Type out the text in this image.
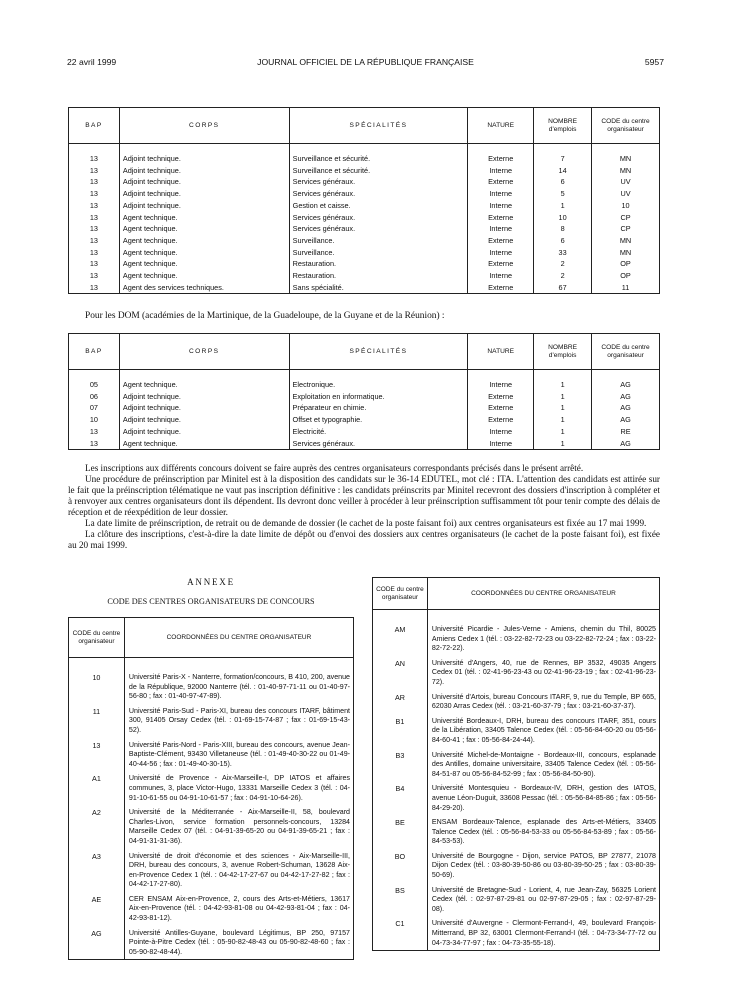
22 avril 1999	JOURNAL OFFICIEL DE LA RÉPUBLIQUE FRANÇAISE	5957
BAP	CORPS	SPÉCIALITÉS	NATURE	NOMBRE d'emplois	CODE du centre organisateur

13	Adjoint technique.	Surveillance et sécurité.	Externe	7	MN
13	Adjoint technique.	Surveillance et sécurité.	Interne	14	MN
13	Adjoint technique.	Services généraux.	Externe	6	UV
13	Adjoint technique.	Services généraux.	Interne	5	UV
13	Adjoint technique.	Gestion et caisse.	Interne	1	10
13	Agent technique.	Services généraux.	Externe	10	CP
13	Agent technique.	Services généraux.	Interne	8	CP
13	Agent technique.	Surveillance.	Externe	6	MN
13	Agent technique.	Surveillance.	Interne	33	MN
13	Agent technique.	Restauration.	Externe	2	OP
13	Agent technique.	Restauration.	Interne	2	OP
13	Agent des services techniques.	Sans spécialité.	Externe	67	11
Pour les DOM (académies de la Martinique, de la Guadeloupe, de la Guyane et de la Réunion) :
BAP	CORPS	SPÉCIALITÉS	NATURE	NOMBRE d'emplois	CODE du centre organisateur

05	Agent technique.	Electronique.	Interne	1	AG
06	Adjoint technique.	Exploitation en informatique.	Externe	1	AG
07	Adjoint technique.	Préparateur en chimie.	Externe	1	AG
10	Adjoint technique.	Offset et typographie.	Externe	1	AG
13	Adjoint technique.	Electricité.	Interne	1	RE
13	Agent technique.	Services généraux.	Interne	1	AG

Les inscriptions aux différents concours doivent se faire auprès des centres organisateurs correspondants précisés dans le présent arrêté.

Une procédure de préinscription par Minitel est à la disposition des candidats sur le 36-14 EDUTEL, mot clé : ITA. L'attention des candidats est attirée sur le fait que la préinscription télématique ne vaut pas inscription définitive : les candidats préinscrits par Minitel recevront des dossiers d'inscription à compléter et à renvoyer aux centres organisateurs dont ils dépendent. Ils devront donc veiller à procéder à leur préinscription suffisamment tôt pour tenir compte des délais de réception et de réexpédition de leur dossier.

La date limite de préinscription, de retrait ou de demande de dossier (le cachet de la poste faisant foi) aux centres organisateurs est fixée au 17 mai 1999.

La clôture des inscriptions, c'est-à-dire la date limite de dépôt ou d'envoi des dossiers aux centres organisateurs (le cachet de la poste faisant foi), est fixée au 20 mai 1999.

ANNEXE
CODE DES CENTRES ORGANISATEURS DE CONCOURS
CODE du centre organisateur	COORDONNÉES DU CENTRE ORGANISATEUR

10	Université Paris-X - Nanterre, formation/concours, B 410, 200, avenue de la République, 92000 Nanterre (tél. : 01-40-97-71-11 ou 01-40-97-56-80 ; fax : 01-40-97-47-89).
11	Université Paris-Sud - Paris-XI, bureau des concours ITARF, bâtiment 300, 91405 Orsay Cedex (tél. : 01-69-15-74-87 ; fax : 01-69-15-43-52).
13	Université Paris-Nord - Paris-XIII, bureau des concours, avenue Jean-Baptiste-Clément, 93430 Villetaneuse (tél. : 01-49-40-30-22 ou 01-49-40-44-56 ; fax : 01-49-40-30-15).
A1	Université de Provence - Aix-Marseille-I, DP IATOS et affaires communes, 3, place Victor-Hugo, 13331 Marseille Cedex 3 (tél. : 04-91-10-61-55 ou 04-91-10-61-57 ; fax : 04-91-10-64-26).
A2	Université de la Méditerranée - Aix-Marseille-II, 58, boulevard Charles-Livon, service formation personnels-concours, 13284 Marseille Cedex 07 (tél. : 04-91-39-65-20 ou 04-91-39-65-21 ; fax : 04-91-31-31-36).
A3	Université de droit d'économie et des sciences - Aix-Marseille-III, DRH, bureau des concours, 3, avenue Robert-Schuman, 13628 Aix-en-Provence Cedex 1 (tél. : 04-42-17-27-67 ou 04-42-17-27-82 ; fax : 04-42-17-27-80).
AE	CER ENSAM Aix-en-Provence, 2, cours des Arts-et-Métiers, 13617 Aix-en-Provence (tél. : 04-42-93-81-08 ou 04-42-93-81-04 ; fax : 04-42-93-81-12).
AG	Université Antilles-Guyane, boulevard Légitimus, BP 250, 97157 Pointe-à-Pitre Cedex (tél. : 05-90-82-48-43 ou 05-90-82-48-60 ; fax : 05-90-82-48-44).
CODE du centre organisateur	COORDONNÉES DU CENTRE ORGANISATEUR

AM	Université Picardie - Jules-Verne - Amiens, chemin du Thil, 80025 Amiens Cedex 1 (tél. : 03-22-82-72-23 ou 03-22-82-72-24 ; fax : 03-22-82-72-22).
AN	Université d'Angers, 40, rue de Rennes, BP 3532, 49035 Angers Cedex 01 (tél. : 02-41-96-23-43 ou 02-41-96-23-19 ; fax : 02-41-96-23-72).
AR	Université d'Artois, bureau Concours ITARF, 9, rue du Temple, BP 665, 62030 Arras Cedex (tél. : 03-21-60-37-79 ; fax : 03-21-60-37-37).
B1	Université Bordeaux-I, DRH, bureau des concours ITARF, 351, cours de la Libération, 33405 Talence Cedex (tél. : 05-56-84-60-20 ou 05-56-84-60-41 ; fax : 05-56-84-24-44).
B3	Université Michel-de-Montaigne - Bordeaux-III, concours, esplanade des Antilles, domaine universitaire, 33405 Talence Cedex (tél. : 05-56-84-51-87 ou 05-56-84-52-99 ; fax : 05-56-84-50-90).
B4	Université Montesquieu - Bordeaux-IV, DRH, gestion des IATOS, avenue Léon-Duguit, 33608 Pessac (tél. : 05-56-84-85-86 ; fax : 05-56-84-29-20).
BE	ENSAM Bordeaux-Talence, esplanade des Arts-et-Métiers, 33405 Talence Cedex (tél. : 05-56-84-53-33 ou 05-56-84-53-89 ; fax : 05-56-84-53-53).
BO	Université de Bourgogne - Dijon, service PATOS, BP 27877, 21078 Dijon Cedex (tél. : 03-80-39-50-86 ou 03-80-39-50-25 ; fax : 03-80-39-50-69).
BS	Université de Bretagne-Sud - Lorient, 4, rue Jean-Zay, 56325 Lorient Cedex (tél. : 02-97-87-29-81 ou 02-97-87-29-05 ; fax : 02-97-87-29-08).
C1	Université d'Auvergne - Clermont-Ferrand-I, 49, boulevard François-Mitterrand, BP 32, 63001 Clermont-Ferrand-I (tél. : 04-73-34-77-72 ou 04-73-34-77-97 ; fax : 04-73-35-55-18).
